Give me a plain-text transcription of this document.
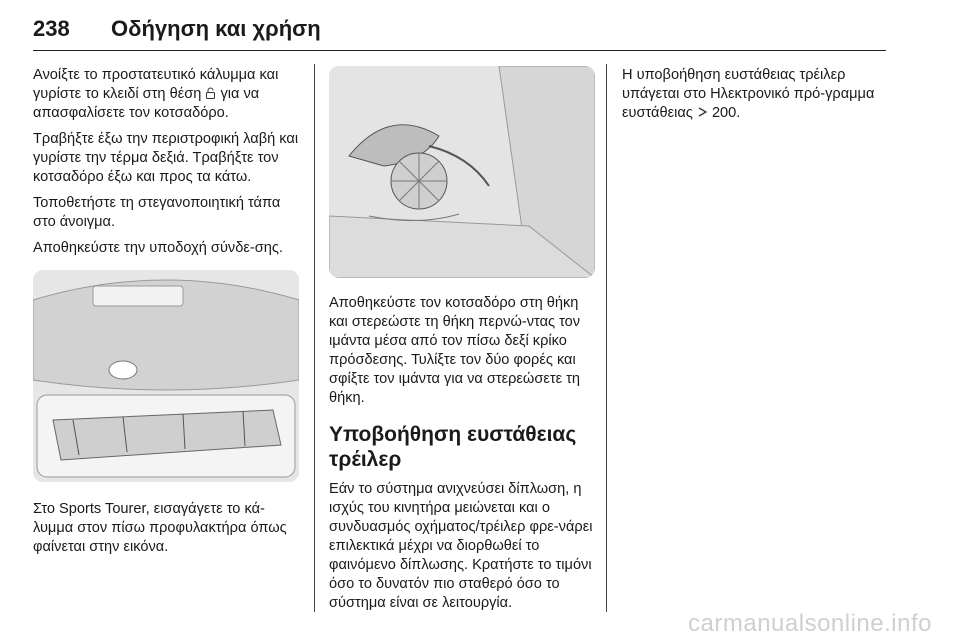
238 Οδήγηση και χρήση

Ανοίξτε το προστατευτικό κάλυμμα και γυρίστε το κλειδί στη θέση  για να απασφαλίσετε τον κοτσαδόρο.

Τραβήξτε έξω την περιστροφική λαβή και γυρίστε την τέρμα δεξιά. Τραβήξτε τον κοτσαδόρο έξω και προς τα κάτω.

Τοποθετήστε τη στεγανοποιητική τάπα στο άνοιγμα.

Αποθηκεύστε την υποδοχή σύνδε-σης.

Στο Sports Tourer, εισαγάγετε το κά-λυμμα στον πίσω προφυλακτήρα όπως φαίνεται στην εικόνα.

Αποθηκεύστε τον κοτσαδόρο στη θήκη και στερεώστε τη θήκη περνώ-ντας τον ιμάντα μέσα από τον πίσω δεξί κρίκο πρόσδεσης. Τυλίξτε τον δύο φορές και σφίξτε τον ιμάντα για να στερεώσετε τη θήκη.

Υποβοήθηση ευστάθειας τρέιλερ

Εάν το σύστημα ανιχνεύσει δίπλωση, η ισχύς του κινητήρα μειώνεται και ο συνδυασμός οχήματος/τρέιλερ φρε-νάρει επιλεκτικά μέχρι να διορθωθεί το φαινόμενο δίπλωσης. Κρατήστε το τιμόνι όσο το δυνατόν πιο σταθερό όσο το σύστημα είναι σε λειτουργία.

Η υποβοήθηση ευστάθειας τρέιλερ υπάγεται στο Ηλεκτρονικό πρό-γραμμα ευστάθειας  200.

carmanualsonline.info
